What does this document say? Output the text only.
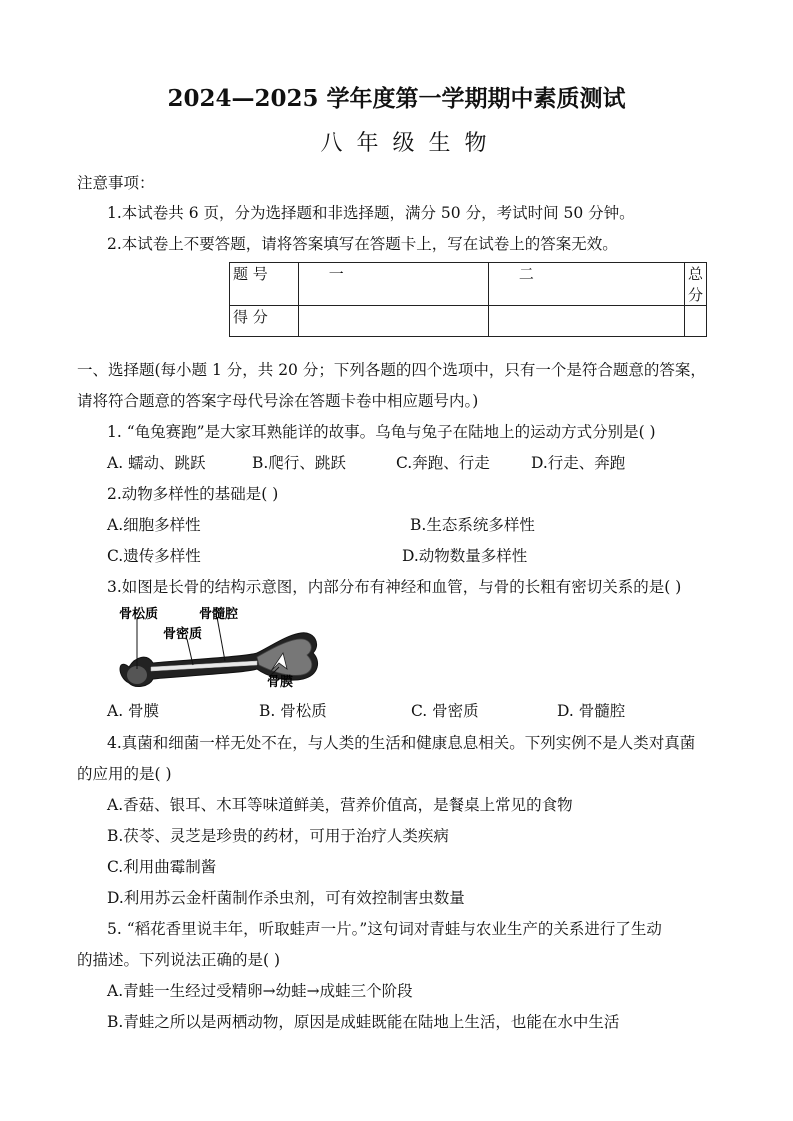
2024—2025 学年度第一学期期中素质测试
八年级生物
注意事项：
1.本试卷共 6 页，分为选择题和非选择题，满分 50 分，考试时间 50 分钟。
2.本试卷上不要答题，请将答案填写在答题卡上，写在试卷上的答案无效。
题 号	一	二	总 分
得 分			
一、选择题(每小题 1 分，共 20 分；下列各题的四个选项中，只有一个是符合题意的答案，
请将符合题意的答案字母代号涂在答题卡卷中相应题号内。)
1. “龟兔赛跑”是大家耳熟能详的故事。乌龟与兔子在陆地上的运动方式分别是( )
A. 蠕动、跳跃	B.爬行、跳跃	C.奔跑、行走	D.行走、奔跑
2.动物多样性的基础是( )
A.细胞多样性	B.生态系统多样性
C.遗传多样性	D.动物数量多样性
3.如图是长骨的结构示意图，内部分布有神经和血管，与骨的长粗有密切关系的是( )
骨松质	骨髓腔
骨密质
骨膜
A. 骨膜	B. 骨松质	C. 骨密质	D. 骨髓腔
4.真菌和细菌一样无处不在，与人类的生活和健康息息相关。下列实例不是人类对真菌
的应用的是( )
A.香菇、银耳、木耳等味道鲜美，营养价值高，是餐桌上常见的食物
B.茯苓、灵芝是珍贵的药材，可用于治疗人类疾病
C.利用曲霉制酱
D.利用苏云金杆菌制作杀虫剂，可有效控制害虫数量
5. “稻花香里说丰年，听取蛙声一片。”这句词对青蛙与农业生产的关系进行了生动
的描述。下列说法正确的是( )
A.青蛙一生经过受精卵→幼蛙→成蛙三个阶段
B.青蛙之所以是两栖动物，原因是成蛙既能在陆地上生活，也能在水中生活
